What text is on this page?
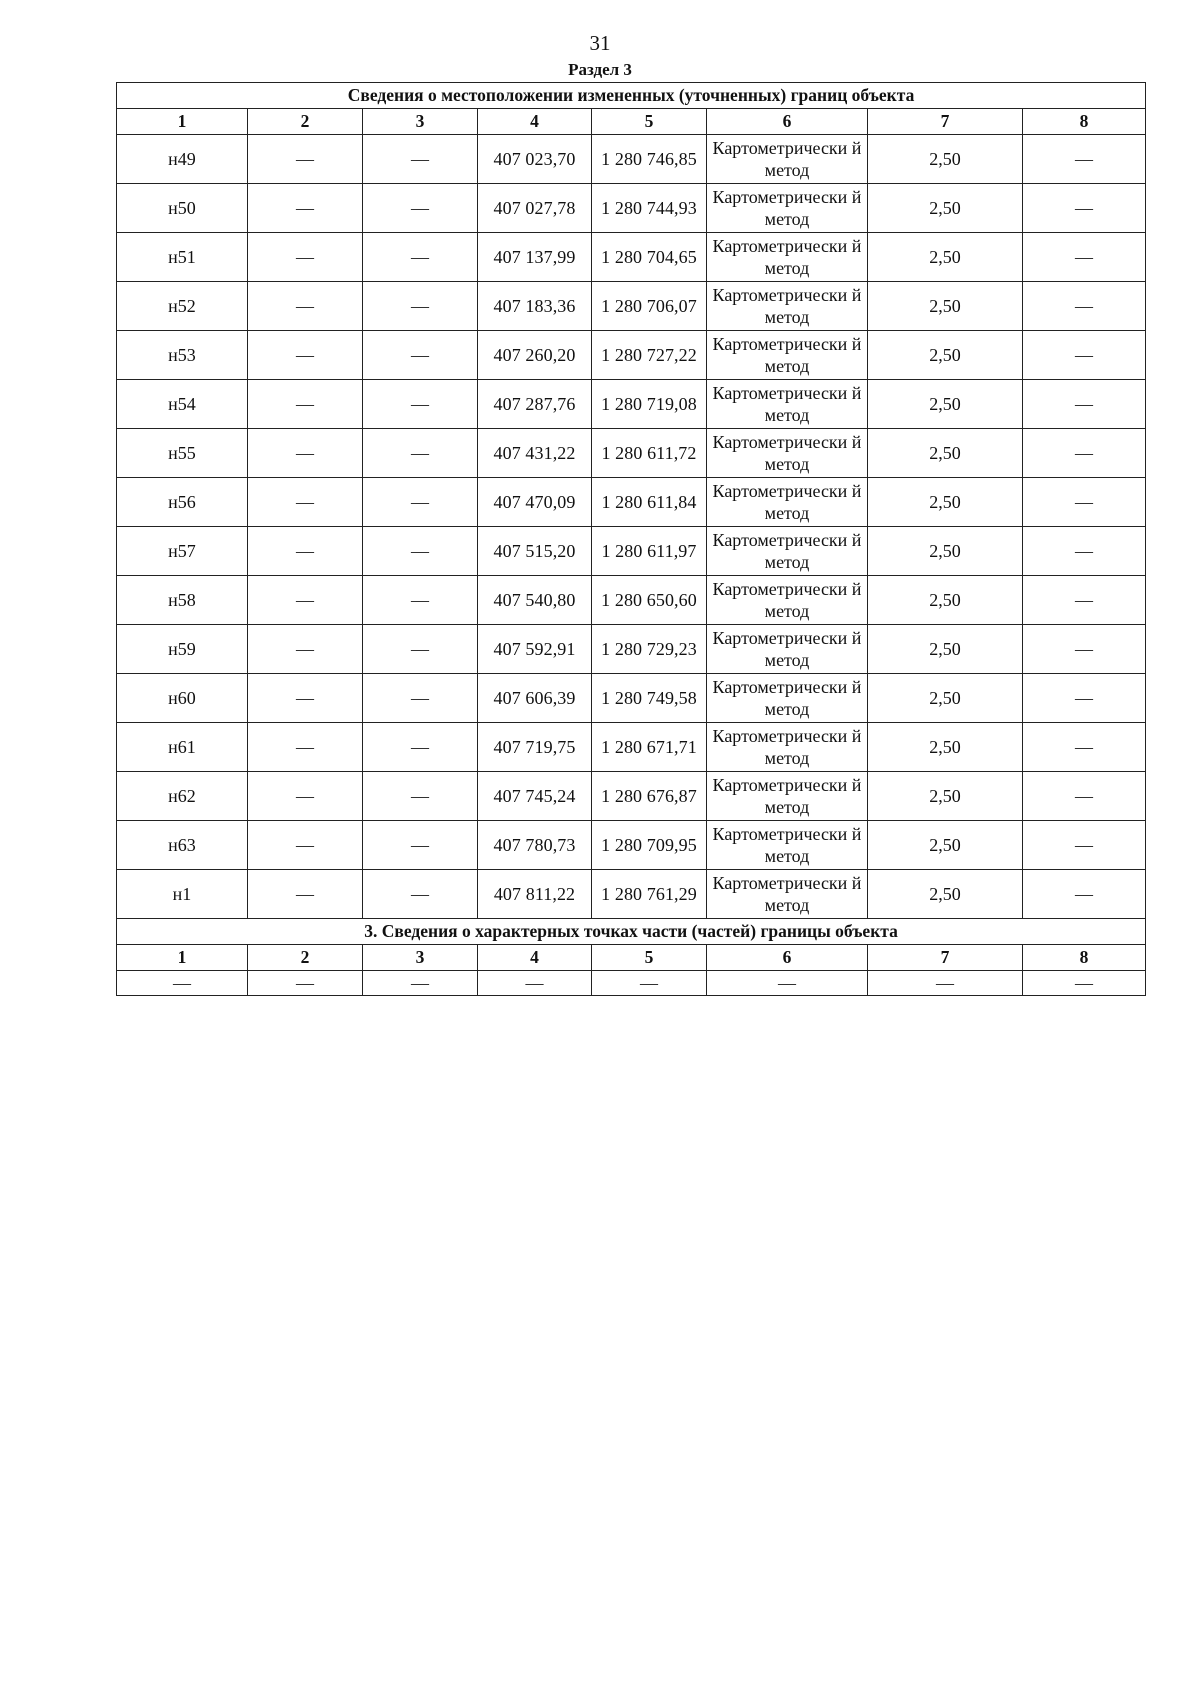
31
Раздел 3
Сведения о местоположении измененных (уточненных) границ объекта							
1	2	3	4	5	6	7	8
н49	—	—	407 023,70	1 280 746,85	Картометрически й метод	2,50	—
н50	—	—	407 027,78	1 280 744,93	Картометрически й метод	2,50	—
н51	—	—	407 137,99	1 280 704,65	Картометрически й метод	2,50	—
н52	—	—	407 183,36	1 280 706,07	Картометрически й метод	2,50	—
н53	—	—	407 260,20	1 280 727,22	Картометрически й метод	2,50	—
н54	—	—	407 287,76	1 280 719,08	Картометрически й метод	2,50	—
н55	—	—	407 431,22	1 280 611,72	Картометрически й метод	2,50	—
н56	—	—	407 470,09	1 280 611,84	Картометрически й метод	2,50	—
н57	—	—	407 515,20	1 280 611,97	Картометрически й метод	2,50	—
н58	—	—	407 540,80	1 280 650,60	Картометрически й метод	2,50	—
н59	—	—	407 592,91	1 280 729,23	Картометрически й метод	2,50	—
н60	—	—	407 606,39	1 280 749,58	Картометрически й метод	2,50	—
н61	—	—	407 719,75	1 280 671,71	Картометрически й метод	2,50	—
н62	—	—	407 745,24	1 280 676,87	Картометрически й метод	2,50	—
н63	—	—	407 780,73	1 280 709,95	Картометрически й метод	2,50	—
н1	—	—	407 811,22	1 280 761,29	Картометрически й метод	2,50	—
3. Сведения о характерных точках части (частей) границы объекта							
1	2	3	4	5	6	7	8
—	—	—	—	—	—	—	—
